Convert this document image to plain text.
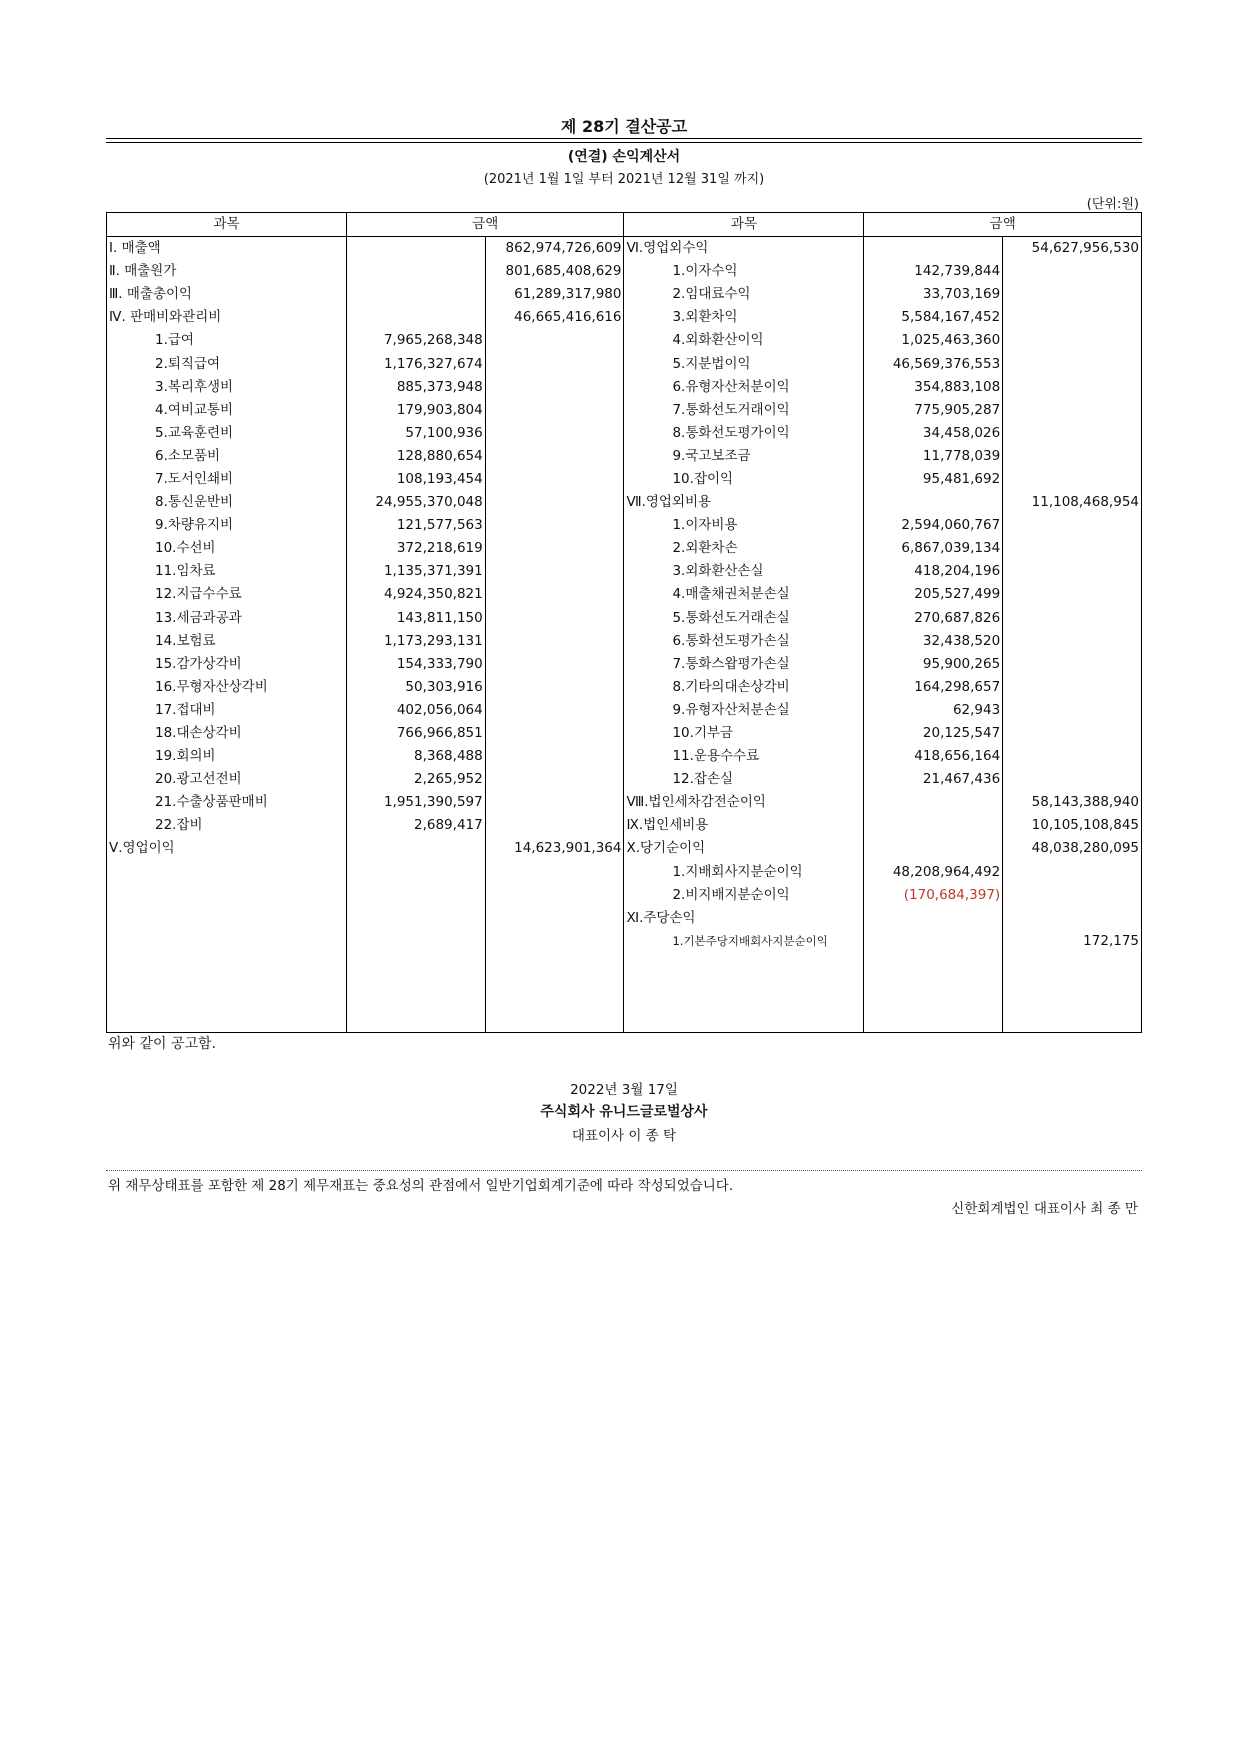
제 28기 결산공고
(연결) 손익계산서
(2021년 1월 1일 부터 2021년 12월 31일 까지)
(단위:원)
과목	금액		과목	금액	
Ⅰ. 매출액		862,974,726,609	Ⅵ.영업외수익		54,627,956,530
Ⅱ. 매출원가		801,685,408,629	1.이자수익	142,739,844	
Ⅲ. 매출총이익		61,289,317,980	2.임대료수익	33,703,169	
Ⅳ. 판매비와관리비		46,665,416,616	3.외환차익	5,584,167,452	
1.급여	7,965,268,348		4.외화환산이익	1,025,463,360	
2.퇴직급여	1,176,327,674		5.지분법이익	46,569,376,553	
3.복리후생비	885,373,948		6.유형자산처분이익	354,883,108	
4.여비교통비	179,903,804		7.통화선도거래이익	775,905,287	
5.교육훈련비	57,100,936		8.통화선도평가이익	34,458,026	
6.소모품비	128,880,654		9.국고보조금	11,778,039	
7.도서인쇄비	108,193,454		10.잡이익	95,481,692	
8.통신운반비	24,955,370,048		Ⅶ.영업외비용		11,108,468,954
9.차량유지비	121,577,563		1.이자비용	2,594,060,767	
10.수선비	372,218,619		2.외환차손	6,867,039,134	
11.임차료	1,135,371,391		3.외화환산손실	418,204,196	
12.지급수수료	4,924,350,821		4.매출채권처분손실	205,527,499	
13.세금과공과	143,811,150		5.통화선도거래손실	270,687,826	
14.보험료	1,173,293,131		6.통화선도평가손실	32,438,520	
15.감가상각비	154,333,790		7.통화스왑평가손실	95,900,265	
16.무형자산상각비	50,303,916		8.기타의대손상각비	164,298,657	
17.접대비	402,056,064		9.유형자산처분손실	62,943	
18.대손상각비	766,966,851		10.기부금	20,125,547	
19.회의비	8,368,488		11.운용수수료	418,656,164	
20.광고선전비	2,265,952		12.잡손실	21,467,436	
21.수출상품판매비	1,951,390,597		Ⅷ.법인세차감전순이익		58,143,388,940
22.잡비	2,689,417		Ⅸ.법인세비용		10,105,108,845
Ⅴ.영업이익		14,623,901,364	Ⅹ.당기순이익		48,038,280,095
			1.지배회사지분순이익	48,208,964,492	
			2.비지배지분순이익	(170,684,397)	
			Ⅺ.주당손익		
			1.기본주당지배회사지분순이익		172,175

위와 같이 공고함.
2022년 3월 17일
주식회사 유니드글로벌상사
대표이사 이 종 탁
위 재무상태표를 포함한 제 28기 제무재표는 중요성의 관점에서 일반기업회계기준에 따라 작성되었습니다.
신한회계법인 대표이사 최 종 만
